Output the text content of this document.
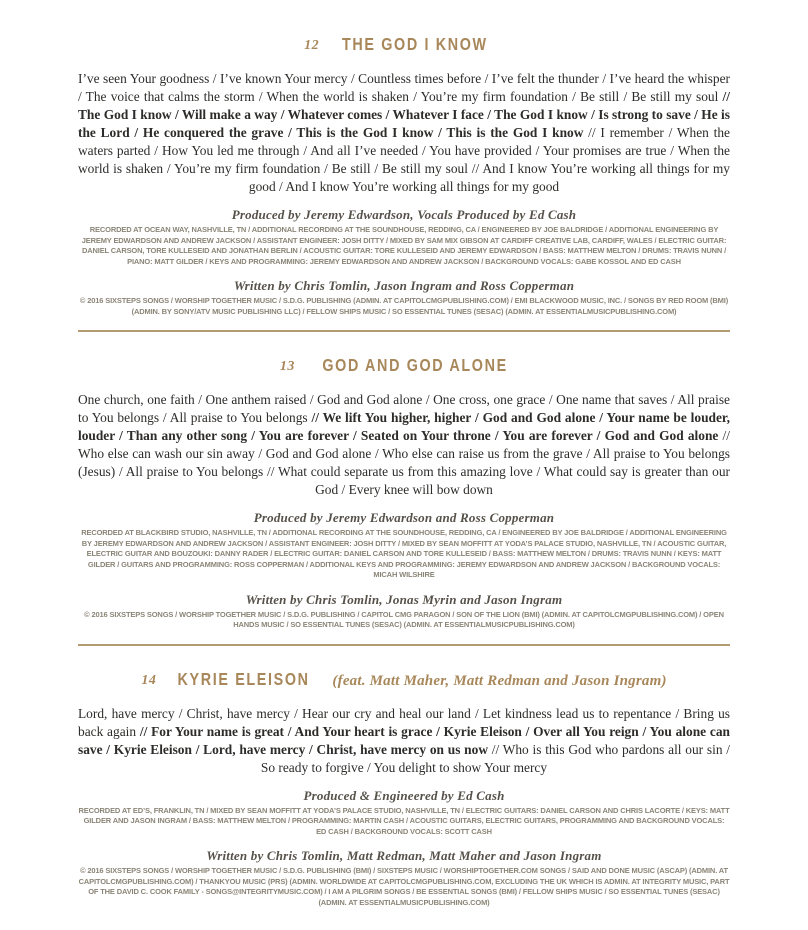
12 THE GOD I KNOW

I’ve seen Your goodness / I’ve known Your mercy / Countless times before / I’ve felt the thunder / I’ve heard the whisper / The voice that calms the storm / When the world is shaken / You’re my firm foundation / Be still / Be still my soul // The God I know / Will make a way / Whatever comes / Whatever I face / The God I know / Is strong to save / He is the Lord / He conquered the grave / This is the God I know / This is the God I know // I remember / When the waters parted / How You led me through / And all I’ve needed / You have provided / Your promises are true / When the world is shaken / You’re my firm foundation / Be still / Be still my soul // And I know You’re working all things for my good / And I know You’re working all things for my good

Produced by Jeremy Edwardson, Vocals Produced by Ed Cash

RECORDED AT OCEAN WAY, NASHVILLE, TN / ADDITIONAL RECORDING AT THE SOUNDHOUSE, REDDING, CA / ENGINEERED BY JOE BALDRIDGE / ADDITIONAL ENGINEERING BY JEREMY EDWARDSON AND ANDREW JACKSON / ASSISTANT ENGINEER: JOSH DITTY / MIXED BY SAM MIX GIBSON AT CARDIFF CREATIVE LAB, CARDIFF, WALES / ELECTRIC GUITAR: DANIEL CARSON, TORE KULLESEID AND JONATHAN BERLIN / ACOUSTIC GUITAR: TORE KULLESEID AND JEREMY EDWARDSON / BASS: MATTHEW MELTON / DRUMS: TRAVIS NUNN / PIANO: MATT GILDER / KEYS AND PROGRAMMING: JEREMY EDWARDSON AND ANDREW JACKSON / BACKGROUND VOCALS: GABE KOSSOL AND ED CASH

Written by Chris Tomlin, Jason Ingram and Ross Copperman

© 2016 SIXSTEPS SONGS / WORSHIP TOGETHER MUSIC / S.D.G. PUBLISHING (ADMIN. AT CAPITOLCMGPUBLISHING.COM) / EMI BLACKWOOD MUSIC, INC. / SONGS BY RED ROOM (BMI) (ADMIN. BY SONY/ATV MUSIC PUBLISHING LLC) / FELLOW SHIPS MUSIC / SO ESSENTIAL TUNES (SESAC) (ADMIN. AT ESSENTIALMUSICPUBLISHING.COM)

13 GOD AND GOD ALONE

One church, one faith / One anthem raised / God and God alone / One cross, one grace / One name that saves / All praise to You belongs / All praise to You belongs // We lift You higher, higher / God and God alone / Your name be louder, louder / Than any other song / You are forever / Seated on Your throne / You are forever / God and God alone // Who else can wash our sin away / God and God alone / Who else can raise us from the grave / All praise to You belongs (Jesus) / All praise to You belongs // What could separate us from this amazing love / What could say is greater than our God / Every knee will bow down

Produced by Jeremy Edwardson and Ross Copperman

RECORDED AT BLACKBIRD STUDIO, NASHVILLE, TN / ADDITIONAL RECORDING AT THE SOUNDHOUSE, REDDING, CA / ENGINEERED BY JOE BALDRIDGE / ADDITIONAL ENGINEERING BY JEREMY EDWARDSON AND ANDREW JACKSON / ASSISTANT ENGINEER: JOSH DITTY / MIXED BY SEAN MOFFITT AT YODA’S PALACE STUDIO, NASHVILLE, TN / ACOUSTIC GUITAR, ELECTRIC GUITAR AND BOUZOUKI: DANNY RADER / ELECTRIC GUITAR: DANIEL CARSON AND TORE KULLESEID / BASS: MATTHEW MELTON / DRUMS: TRAVIS NUNN / KEYS: MATT GILDER / GUITARS AND PROGRAMMING: ROSS COPPERMAN / ADDITIONAL KEYS AND PROGRAMMING: JEREMY EDWARDSON AND ANDREW JACKSON / BACKGROUND VOCALS: MICAH WILSHIRE

Written by Chris Tomlin, Jonas Myrin and Jason Ingram

© 2016 SIXSTEPS SONGS / WORSHIP TOGETHER MUSIC / S.D.G. PUBLISHING / CAPITOL CMG PARAGON / SON OF THE LION (BMI) (ADMIN. AT CAPITOLCMGPUBLISHING.COM) / OPEN HANDS MUSIC / SO ESSENTIAL TUNES (SESAC) (ADMIN. AT ESSENTIALMUSICPUBLISHING.COM)

14 KYRIE ELEISON (feat. Matt Maher, Matt Redman and Jason Ingram)

Lord, have mercy / Christ, have mercy / Hear our cry and heal our land / Let kindness lead us to repentance / Bring us back again // For Your name is great / And Your heart is grace / Kyrie Eleison / Over all You reign / You alone can save / Kyrie Eleison / Lord, have mercy / Christ, have mercy on us now // Who is this God who pardons all our sin / So ready to forgive / You delight to show Your mercy

Produced & Engineered by Ed Cash

RECORDED AT ED’S, FRANKLIN, TN / MIXED BY SEAN MOFFITT AT YODA’S PALACE STUDIO, NASHVILLE, TN / ELECTRIC GUITARS: DANIEL CARSON AND CHRIS LACORTE / KEYS: MATT GILDER AND JASON INGRAM / BASS: MATTHEW MELTON / PROGRAMMING: MARTIN CASH / ACOUSTIC GUITARS, ELECTRIC GUITARS, PROGRAMMING AND BACKGROUND VOCALS: ED CASH / BACKGROUND VOCALS: SCOTT CASH

Written by Chris Tomlin, Matt Redman, Matt Maher and Jason Ingram

© 2016 SIXSTEPS SONGS / WORSHIP TOGETHER MUSIC / S.D.G. PUBLISHING (BMI) / SIXSTEPS MUSIC / WORSHIPTOGETHER.COM SONGS / SAID AND DONE MUSIC (ASCAP) (ADMIN. AT CAPITOLCMGPUBLISHING.COM) / THANKYOU MUSIC (PRS) (ADMIN. WORLDWIDE AT CAPITOLCMGPUBLISHING.COM, EXCLUDING THE UK WHICH IS ADMIN. AT INTEGRITY MUSIC, PART OF THE DAVID C. COOK FAMILY - SONGS@INTEGRITYMUSIC.COM) / I AM A PILGRIM SONGS / BE ESSENTIAL SONGS (BMI) / FELLOW SHIPS MUSIC / SO ESSENTIAL TUNES (SESAC) (ADMIN. AT ESSENTIALMUSICPUBLISHING.COM)
